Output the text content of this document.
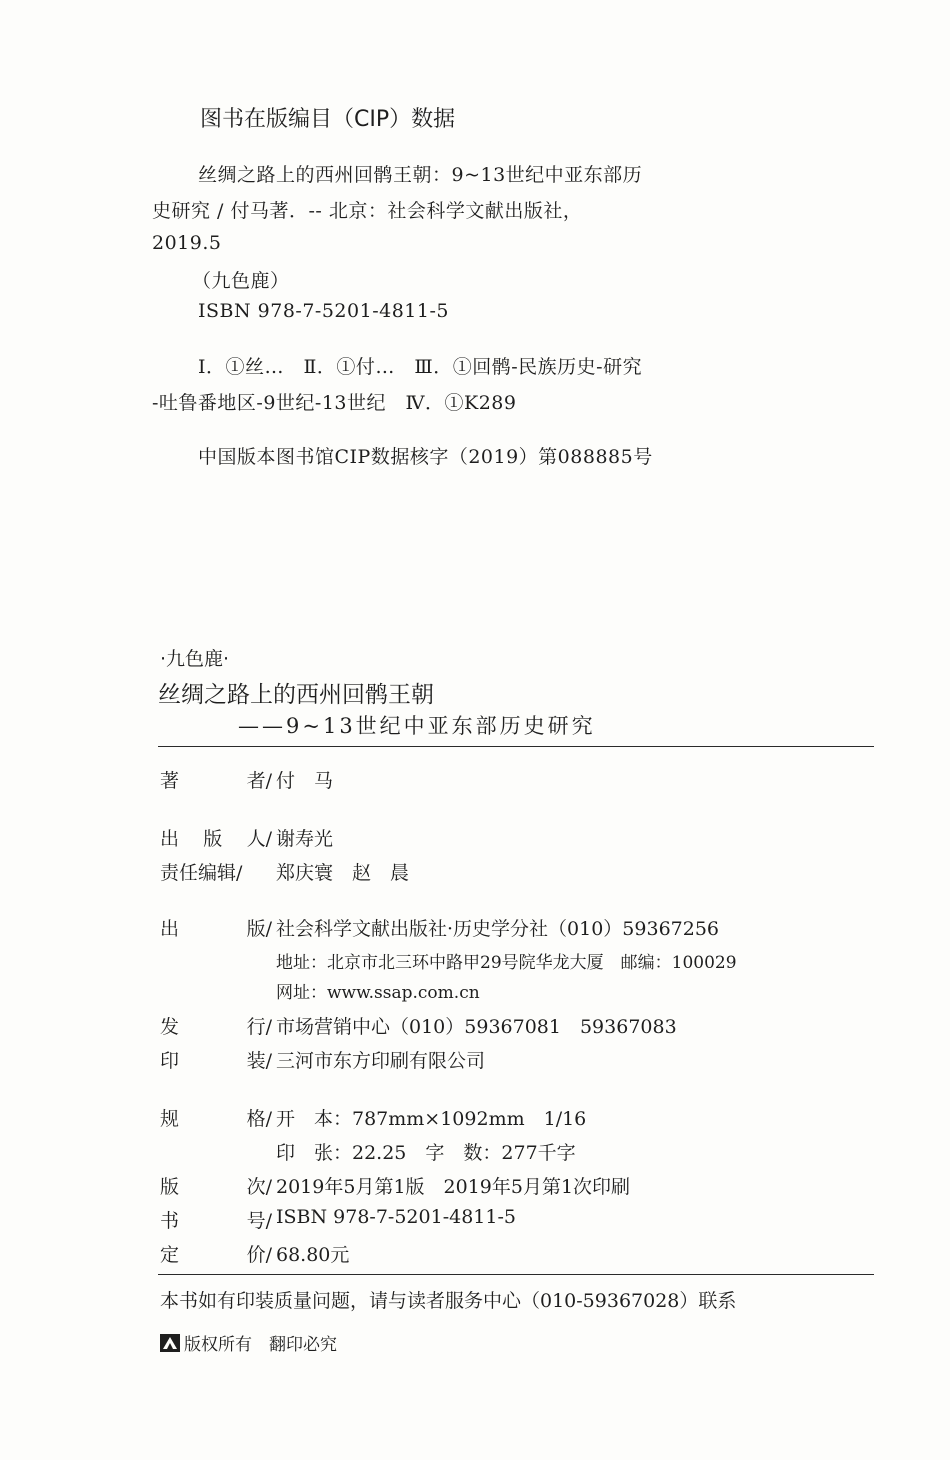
图书在版编目（CIP）数据
丝绸之路上的西州回鹘王朝：9~13世纪中亚东部历
史研究 / 付马著．-- 北京：社会科学文献出版社，
2019.5
（九色鹿）
ISBN 978-7-5201-4811-5
Ⅰ．①丝…　Ⅱ．①付…　Ⅲ．①回鹘-民族历史-研究
-吐鲁番地区-9世纪-13世纪　Ⅳ．①K289
中国版本图书馆CIP数据核字（2019）第088885号
·九色鹿·
丝绸之路上的西州回鹘王朝
——9~13世纪中亚东部历史研究
著	者/ 付　马
出 版 人/ 谢寿光
责任编辑/ 郑庆寰　赵　晨
出	版/ 社会科学文献出版社·历史学分社（010）59367256
地址：北京市北三环中路甲29号院华龙大厦　邮编：100029
网址：www.ssap.com.cn
发	行/ 市场营销中心（010）59367081　59367083
印	装/ 三河市东方印刷有限公司
规	格/ 开　本：787mm×1092mm　1/16
印　张：22.25　字　数：277千字
版	次/ 2019年5月第1版　2019年5月第1次印刷
书	号/ ISBN 978-7-5201-4811-5
定	价/ 68.80元
本书如有印装质量问题，请与读者服务中心（010-59367028）联系
版权所有　翻印必究
